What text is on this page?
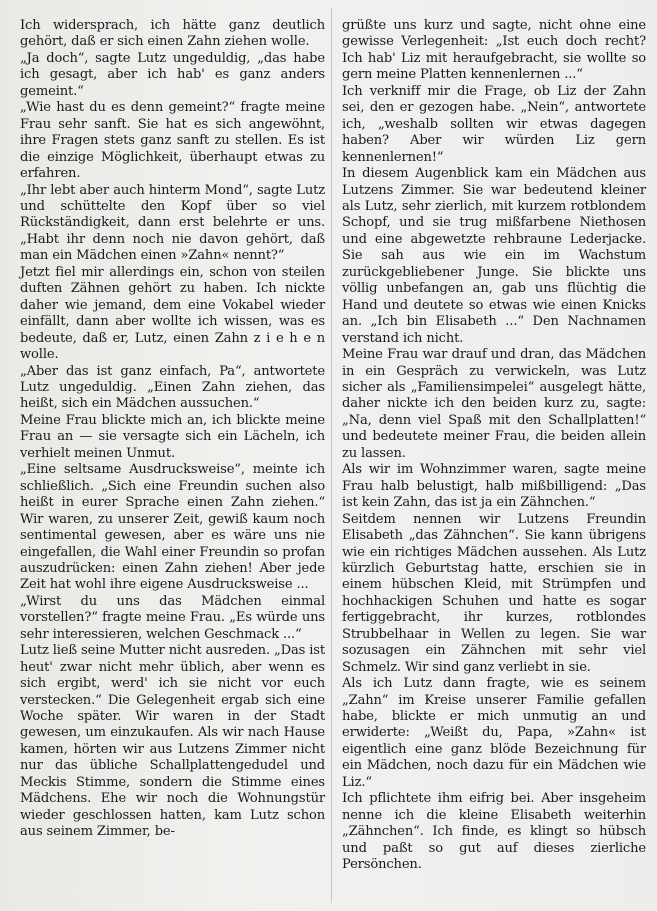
Ich widersprach, ich hätte ganz deutlich gehört, daß er sich einen Zahn ziehen wolle.

„Ja doch“, sagte Lutz ungeduldig, „das habe ich gesagt, aber ich hab' es ganz anders gemeint.“

„Wie hast du es denn gemeint?“ fragte meine Frau sehr sanft. Sie hat es sich angewöhnt, ihre Fragen stets ganz sanft zu stellen. Es ist die einzige Möglichkeit, überhaupt etwas zu erfahren.

„Ihr lebt aber auch hinterm Mond“, sagte Lutz und schüttelte den Kopf über so viel Rückständigkeit, dann erst belehrte er uns. „Habt ihr denn noch nie davon gehört, daß man ein Mädchen einen »Zahn« nennt?“

Jetzt fiel mir allerdings ein, schon von steilen duften Zähnen gehört zu haben. Ich nickte daher wie jemand, dem eine Vokabel wieder einfällt, dann aber wollte ich wissen, was es bedeute, daß er, Lutz, einen Zahn z i e h e n wolle.

„Aber das ist ganz einfach, Pa“, antwortete Lutz ungeduldig. „Einen Zahn ziehen, das heißt, sich ein Mädchen aussuchen.“

Meine Frau blickte mich an, ich blickte meine Frau an — sie versagte sich ein Lächeln, ich verhielt meinen Unmut.

„Eine seltsame Ausdrucksweise“, meinte ich schließlich. „Sich eine Freundin suchen also heißt in eurer Sprache einen Zahn ziehen.“ Wir waren, zu unserer Zeit, gewiß kaum noch sentimental gewesen, aber es wäre uns nie eingefallen, die Wahl einer Freundin so profan auszudrücken: einen Zahn ziehen! Aber jede Zeit hat wohl ihre eigene Ausdrucksweise ...

„Wirst du uns das Mädchen einmal vorstellen?“ fragte meine Frau. „Es würde uns sehr interessieren, welchen Geschmack ...“

Lutz ließ seine Mutter nicht ausreden. „Das ist heut' zwar nicht mehr üblich, aber wenn es sich ergibt, werd' ich sie nicht vor euch verstecken.“ Die Gelegenheit ergab sich eine Woche später. Wir waren in der Stadt gewesen, um einzukaufen. Als wir nach Hause kamen, hörten wir aus Lutzens Zimmer nicht nur das übliche Schallplattengedudel und Meckis Stimme, sondern die Stimme eines Mädchens. Ehe wir noch die Wohnungstür wieder geschlossen hatten, kam Lutz schon aus seinem Zimmer, be-

grüßte uns kurz und sagte, nicht ohne eine gewisse Verlegenheit: „Ist euch doch recht? Ich hab' Liz mit heraufgebracht, sie wollte so gern meine Platten kennenlernen ...“

Ich verkniff mir die Frage, ob Liz der Zahn sei, den er gezogen habe. „Nein“, antwortete ich, „weshalb sollten wir etwas dagegen haben? Aber wir würden Liz gern kennenlernen!“

In diesem Augenblick kam ein Mädchen aus Lutzens Zimmer. Sie war bedeutend kleiner als Lutz, sehr zierlich, mit kurzem rotblondem Schopf, und sie trug mißfarbene Niethosen und eine abgewetzte rehbraune Lederjacke. Sie sah aus wie ein im Wachstum zurückgebliebener Junge. Sie blickte uns völlig unbefangen an, gab uns flüchtig die Hand und deutete so etwas wie einen Knicks an. „Ich bin Elisabeth ...“ Den Nachnamen verstand ich nicht.

Meine Frau war drauf und dran, das Mädchen in ein Gespräch zu verwickeln, was Lutz sicher als „Familiensimpelei“ ausgelegt hätte, daher nickte ich den beiden kurz zu, sagte: „Na, denn viel Spaß mit den Schallplatten!“ und bedeutete meiner Frau, die beiden allein zu lassen.

Als wir im Wohnzimmer waren, sagte meine Frau halb belustigt, halb mißbilligend: „Das ist kein Zahn, das ist ja ein Zähnchen.“

Seitdem nennen wir Lutzens Freundin Elisabeth „das Zähnchen“. Sie kann übrigens wie ein richtiges Mädchen aussehen. Als Lutz kürzlich Geburtstag hatte, erschien sie in einem hübschen Kleid, mit Strümpfen und hochhackigen Schuhen und hatte es sogar fertiggebracht, ihr kurzes, rotblondes Strubbelhaar in Wellen zu legen. Sie war sozusagen ein Zähnchen mit sehr viel Schmelz. Wir sind ganz verliebt in sie.

Als ich Lutz dann fragte, wie es seinem „Zahn“ im Kreise unserer Familie gefallen habe, blickte er mich unmutig an und erwiderte: „Weißt du, Papa, »Zahn« ist eigentlich eine ganz blöde Bezeichnung für ein Mädchen, noch dazu für ein Mädchen wie Liz.“

Ich pflichtete ihm eifrig bei. Aber insgeheim nenne ich die kleine Elisabeth weiterhin „Zähnchen“. Ich finde, es klingt so hübsch und paßt so gut auf dieses zierliche Persönchen.
